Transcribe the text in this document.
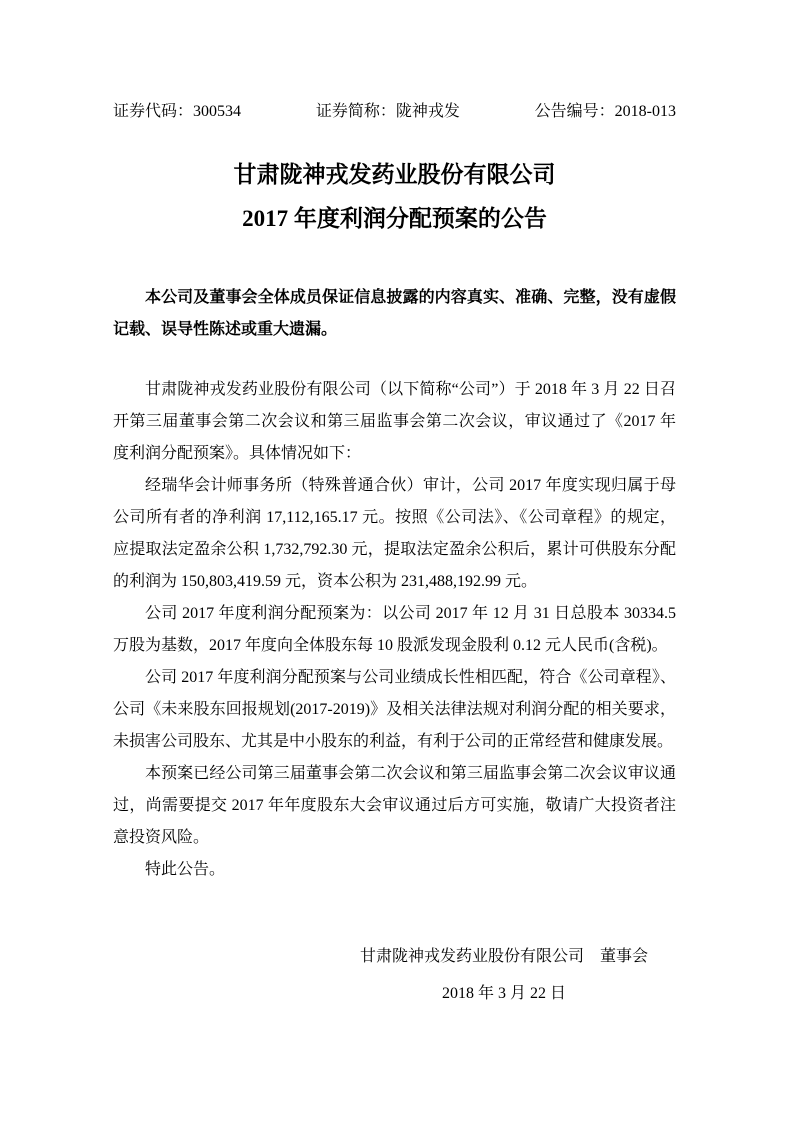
证券代码：300534	证券简称：陇神戎发	公告编号：2018-013
甘肃陇神戎发药业股份有限公司
2017 年度利润分配预案的公告
本公司及董事会全体成员保证信息披露的内容真实、准确、完整，没有虚假记载、误导性陈述或重大遗漏。

甘肃陇神戎发药业股份有限公司（以下简称“公司”）于 2018 年 3 月 22 日召开第三届董事会第二次会议和第三届监事会第二次会议，审议通过了《2017 年度利润分配预案》。具体情况如下：

经瑞华会计师事务所（特殊普通合伙）审计，公司 2017 年度实现归属于母公司所有者的净利润 17,112,165.17 元。按照《公司法》、《公司章程》的规定，应提取法定盈余公积 1,732,792.30 元，提取法定盈余公积后，累计可供股东分配的利润为 150,803,419.59 元，资本公积为 231,488,192.99 元。

公司 2017 年度利润分配预案为：以公司 2017 年 12 月 31 日总股本 30334.5 万股为基数，2017 年度向全体股东每 10 股派发现金股利 0.12 元人民币(含税)。

公司 2017 年度利润分配预案与公司业绩成长性相匹配，符合《公司章程》、公司《未来股东回报规划(2017-2019)》及相关法律法规对利润分配的相关要求，未损害公司股东、尤其是中小股东的利益，有利于公司的正常经营和健康发展。

本预案已经公司第三届董事会第二次会议和第三届监事会第二次会议审议通过，尚需要提交 2017 年年度股东大会审议通过后方可实施，敬请广大投资者注意投资风险。

特此公告。

甘肃陇神戎发药业股份有限公司　董事会
2018 年 3 月 22 日
